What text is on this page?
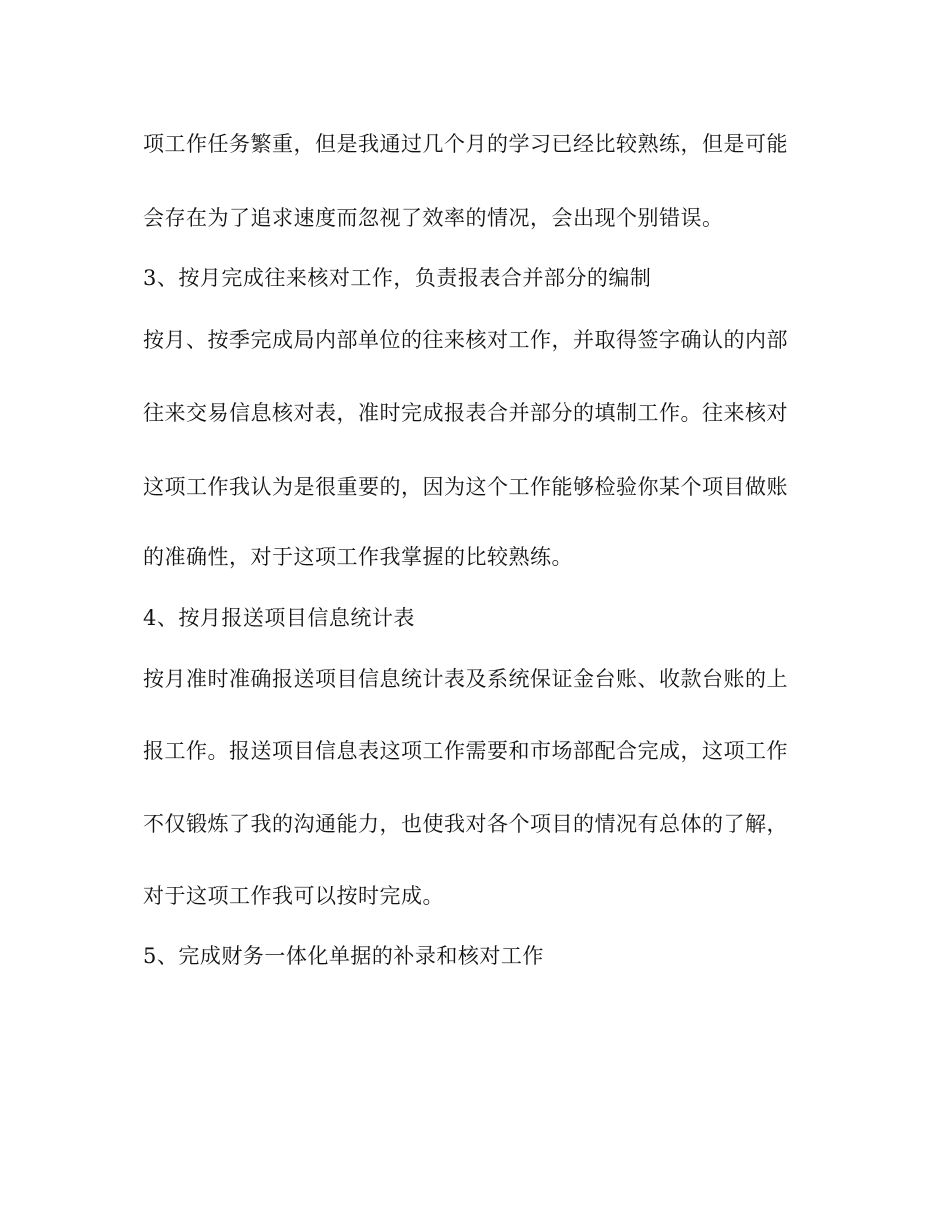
项工作任务繁重，但是我通过几个月的学习已经比较熟练，但是可能
会存在为了追求速度而忽视了效率的情况，会出现个别错误。
3、按月完成往来核对工作，负责报表合并部分的编制
按月、按季完成局内部单位的往来核对工作，并取得签字确认的内部
往来交易信息核对表，准时完成报表合并部分的填制工作。往来核对
这项工作我认为是很重要的，因为这个工作能够检验你某个项目做账
的准确性，对于这项工作我掌握的比较熟练。
4、按月报送项目信息统计表
按月准时准确报送项目信息统计表及系统保证金台账、收款台账的上
报工作。报送项目信息表这项工作需要和市场部配合完成，这项工作
不仅锻炼了我的沟通能力，也使我对各个项目的情况有总体的了解，
对于这项工作我可以按时完成。
5、完成财务一体化单据的补录和核对工作
